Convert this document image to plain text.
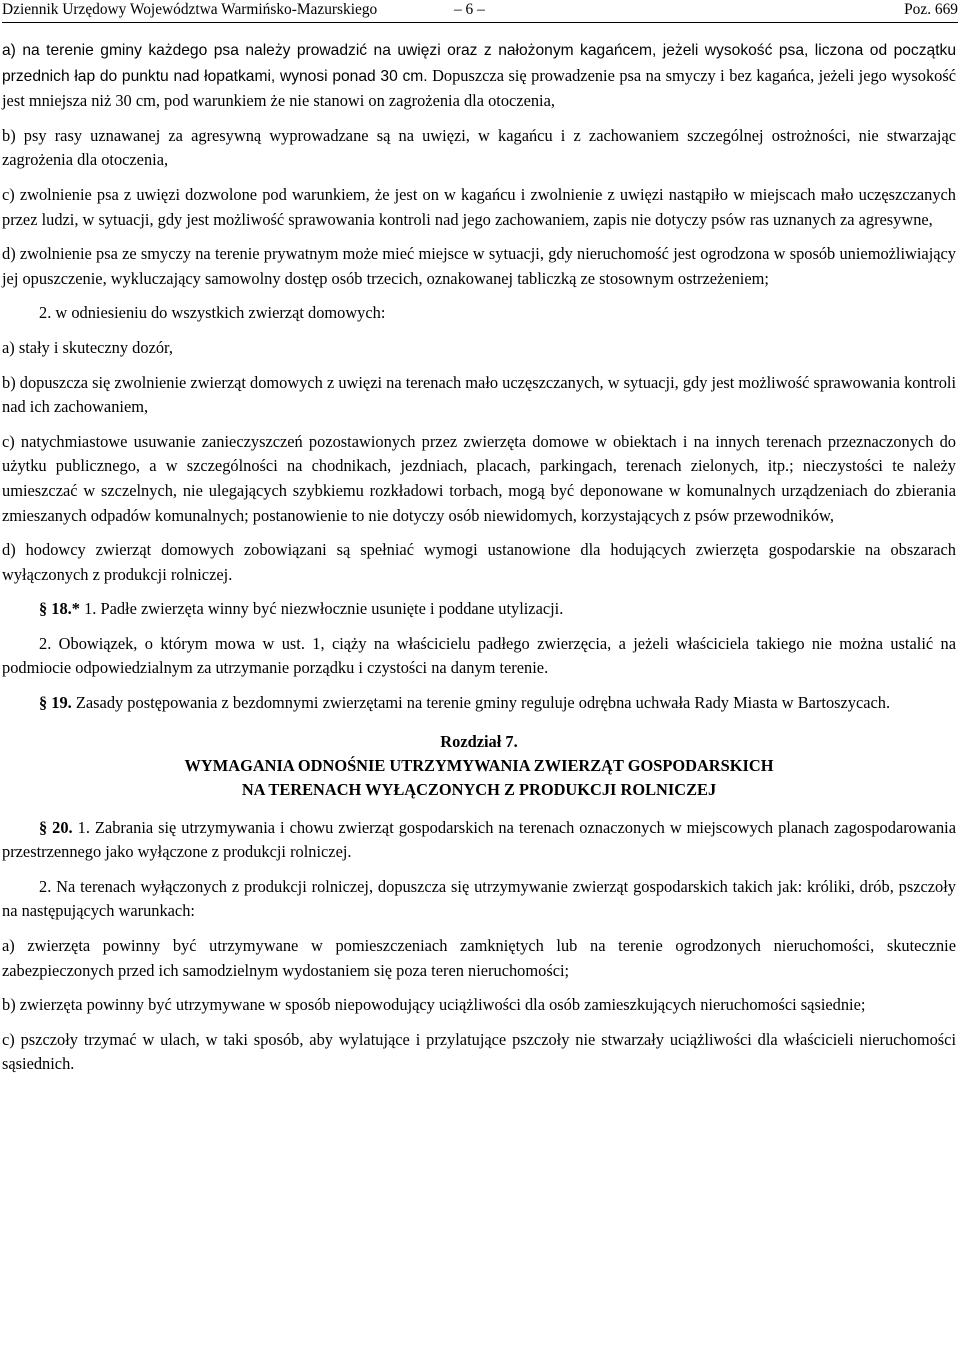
Dziennik Urzędowy Województwa Warmińsko-Mazurskiego	– 6 –	Poz. 669

a) na terenie gminy każdego psa należy prowadzić na uwięzi oraz z nałożonym kagańcem, jeżeli wysokość psa, liczona od początku przednich łap do punktu nad łopatkami, wynosi ponad 30 cm. Dopuszcza się prowadzenie psa na smyczy i bez kagańca, jeżeli jego wysokość jest mniejsza niż 30 cm, pod warunkiem że nie stanowi on zagrożenia dla otoczenia,

b) psy rasy uznawanej za agresywną wyprowadzane są na uwięzi, w kagańcu i z zachowaniem szczególnej ostrożności, nie stwarzając zagrożenia dla otoczenia,

c) zwolnienie psa z uwięzi dozwolone pod warunkiem, że jest on w kagańcu i zwolnienie z uwięzi nastąpiło w miejscach mało uczęszczanych przez ludzi, w sytuacji, gdy jest możliwość sprawowania kontroli nad jego zachowaniem, zapis nie dotyczy psów ras uznanych za agresywne,

d) zwolnienie psa ze smyczy na terenie prywatnym może mieć miejsce w sytuacji, gdy nieruchomość jest ogrodzona w sposób uniemożliwiający jej opuszczenie, wykluczający samowolny dostęp osób trzecich, oznakowanej tabliczką ze stosownym ostrzeżeniem;

2. w odniesieniu do wszystkich zwierząt domowych:

a) stały i skuteczny dozór,

b) dopuszcza się zwolnienie zwierząt domowych z uwięzi na terenach mało uczęszczanych, w sytuacji, gdy jest możliwość sprawowania kontroli nad ich zachowaniem,

c) natychmiastowe usuwanie zanieczyszczeń pozostawionych przez zwierzęta domowe w obiektach i na innych terenach przeznaczonych do użytku publicznego, a w szczególności na chodnikach, jezdniach, placach, parkingach, terenach zielonych, itp.; nieczystości te należy umieszczać w szczelnych, nie ulegających szybkiemu rozkładowi torbach, mogą być deponowane w komunalnych urządzeniach do zbierania zmieszanych odpadów komunalnych; postanowienie to nie dotyczy osób niewidomych, korzystających z psów przewodników,

d) hodowcy zwierząt domowych zobowiązani są spełniać wymogi ustanowione dla hodujących zwierzęta gospodarskie na obszarach wyłączonych z produkcji rolniczej.

§ 18.* 1. Padłe zwierzęta winny być niezwłocznie usunięte i poddane utylizacji.

2. Obowiązek, o którym mowa w ust. 1, ciąży na właścicielu padłego zwierzęcia, a jeżeli właściciela takiego nie można ustalić na podmiocie odpowiedzialnym za utrzymanie porządku i czystości na danym terenie.

§ 19. Zasady postępowania z bezdomnymi zwierzętami na terenie gminy reguluje odrębna uchwała Rady Miasta w Bartoszycach.

Rozdział 7.
WYMAGANIA ODNOŚNIE UTRZYMYWANIA ZWIERZĄT GOSPODARSKICH
NA TERENACH WYŁĄCZONYCH Z PRODUKCJI ROLNICZEJ

§ 20. 1. Zabrania się utrzymywania i chowu zwierząt gospodarskich na terenach oznaczonych w miejscowych planach zagospodarowania przestrzennego jako wyłączone z produkcji rolniczej.

2. Na terenach wyłączonych z produkcji rolniczej, dopuszcza się utrzymywanie zwierząt gospodarskich takich jak: króliki, drób, pszczoły na następujących warunkach:

a) zwierzęta powinny być utrzymywane w pomieszczeniach zamkniętych lub na terenie ogrodzonych nieruchomości, skutecznie zabezpieczonych przed ich samodzielnym wydostaniem się poza teren nieruchomości;

b) zwierzęta powinny być utrzymywane w sposób niepowodujący uciążliwości dla osób zamieszkujących nieruchomości sąsiednie;

c) pszczoły trzymać w ulach, w taki sposób, aby wylatujące i przylatujące pszczoły nie stwarzały uciążliwości dla właścicieli nieruchomości sąsiednich.
